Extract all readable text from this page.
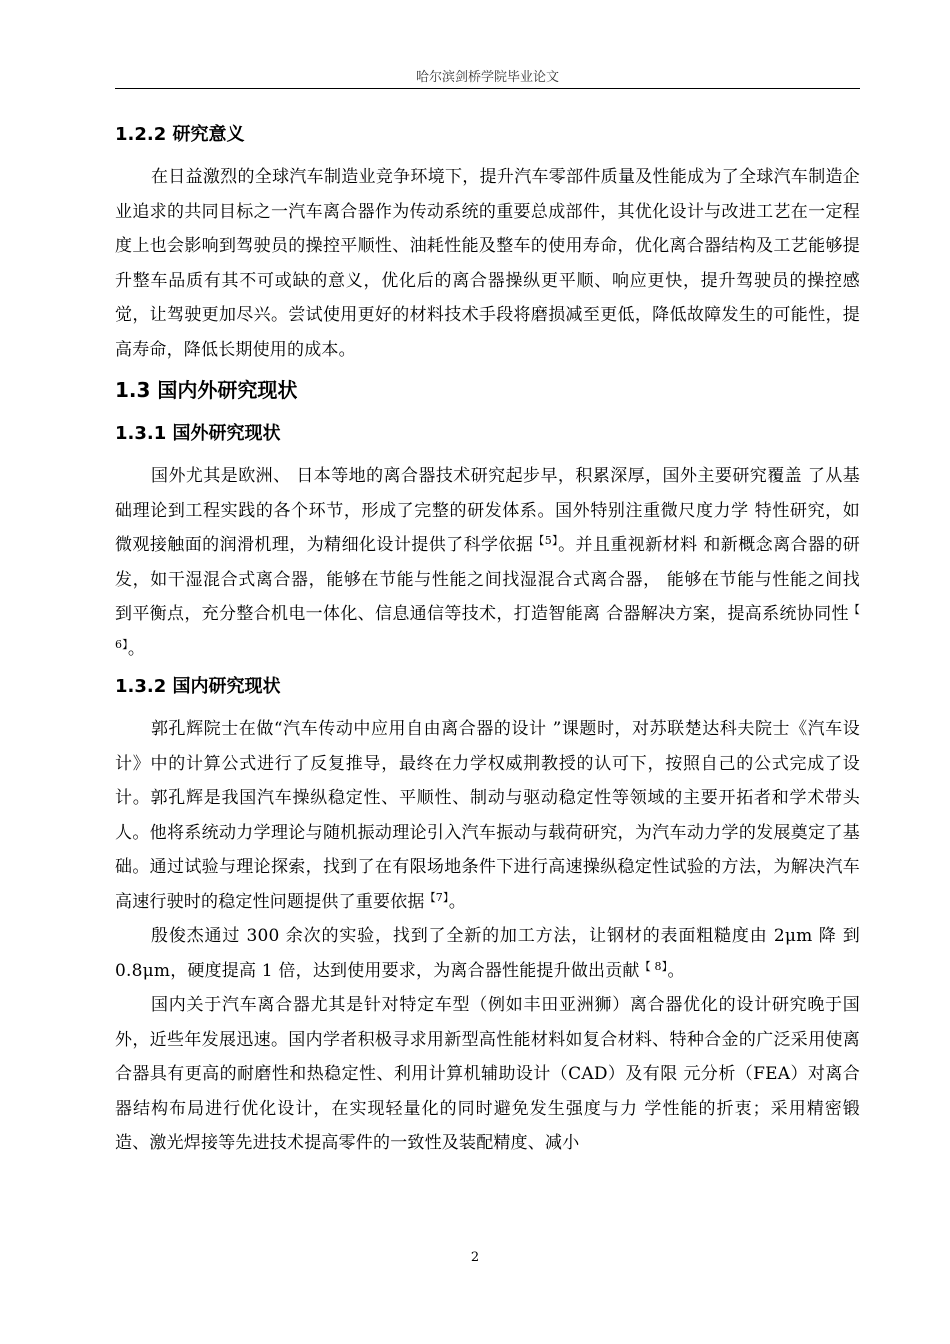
哈尔滨剑桥学院毕业论文
1.2.2 研究意义

在日益激烈的全球汽车制造业竞争环境下，提升汽车零部件质量及性能成为了全球汽车制造企业追求的共同目标之一汽车离合器作为传动系统的重要总成部件，其优化设计与改进工艺在一定程度上也会影响到驾驶员的操控平顺性、油耗性能及整车的使用寿命，优化离合器结构及工艺能够提升整车品质有其不可或缺的意义，优化后的离合器操纵更平顺、响应更快，提升驾驶员的操控感觉，让驾驶更加尽兴。尝试使用更好的材料技术手段将磨损减至更低，降低故障发生的可能性，提高寿命，降低长期使用的成本。

1.3 国内外研究现状
1.3.1 国外研究现状

国外尤其是欧洲、 日本等地的离合器技术研究起步早，积累深厚，国外主要研究覆盖 了从基础理论到工程实践的各个环节，形成了完整的研发体系。国外特别注重微尺度力学 特性研究，如微观接触面的润滑机理，为精细化设计提供了科学依据$^{【5】}$。并且重视新材料 和新概念离合器的研发，如干湿混合式离合器，能够在节能与性能之间找湿混合式离合器， 能够在节能与性能之间找到平衡点，充分整合机电一体化、信息通信等技术，打造智能离 合器解决方案，提高系统协同性$^{【 6】}$。

1.3.2 国内研究现状

郭孔辉院士在做“汽车传动中应用自由离合器的设计 ”课题时，对苏联楚达科夫院士《汽车设计》中的计算公式进行了反复推导，最终在力学权威荆教授的认可下，按照自己的公式完成了设计。郭孔辉是我国汽车操纵稳定性、平顺性、制动与驱动稳定性等领域的主要开拓者和学术带头人。他将系统动力学理论与随机振动理论引入汽车振动与载荷研究，为汽车动力学的发展奠定了基础。通过试验与理论探索，找到了在有限场地条件下进行高速操纵稳定性试验的方法，为解决汽车高速行驶时的稳定性问题提供了重要依据$^{【7】}$。

殷俊杰通过 300 余次的实验，找到了全新的加工方法，让钢材的表面粗糙度由 2μm 降 到 0.8μm，硬度提高 1 倍，达到使用要求，为离合器性能提升做出贡献$^{【 8】}$。

国内关于汽车离合器尤其是针对特定车型（例如丰田亚洲狮）离合器优化的设计研究晚于国外，近些年发展迅速。国内学者积极寻求用新型高性能材料如复合材料、特种合金的广泛采用使离合器具有更高的耐磨性和热稳定性、利用计算机辅助设计（CAD）及有限 元分析（FEA）对离合器结构布局进行优化设计，在实现轻量化的同时避免发生强度与力 学性能的折衷；采用精密锻造、激光焊接等先进技术提高零件的一致性及装配精度、减小

2
